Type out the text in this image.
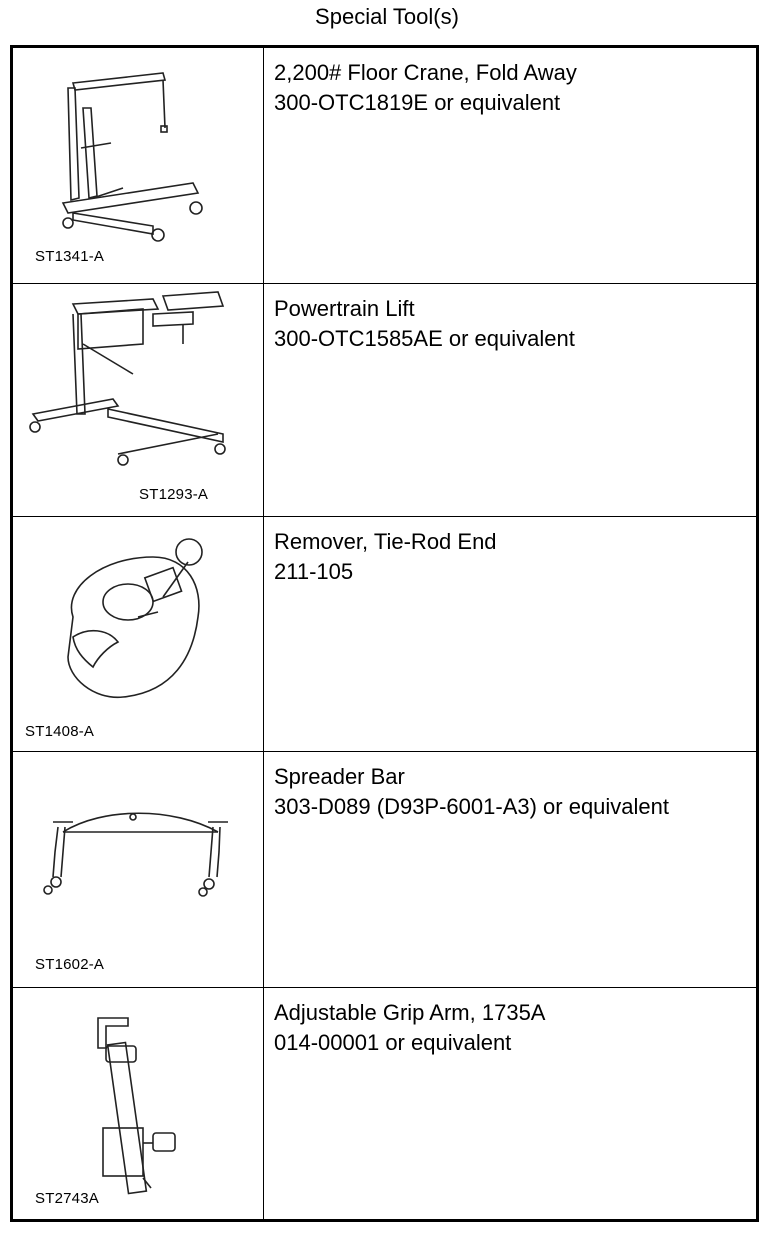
Special Tool(s)
ST1341-A
2,200# Floor Crane, Fold Away
300-OTC1819E or equivalent
ST1293-A
Powertrain Lift
300-OTC1585AE or equivalent
ST1408-A
Remover, Tie-Rod End
211-105
ST1602-A
Spreader Bar
303-D089 (D93P-6001-A3) or equivalent
ST2743A
Adjustable Grip Arm, 1735A
014-00001 or equivalent
